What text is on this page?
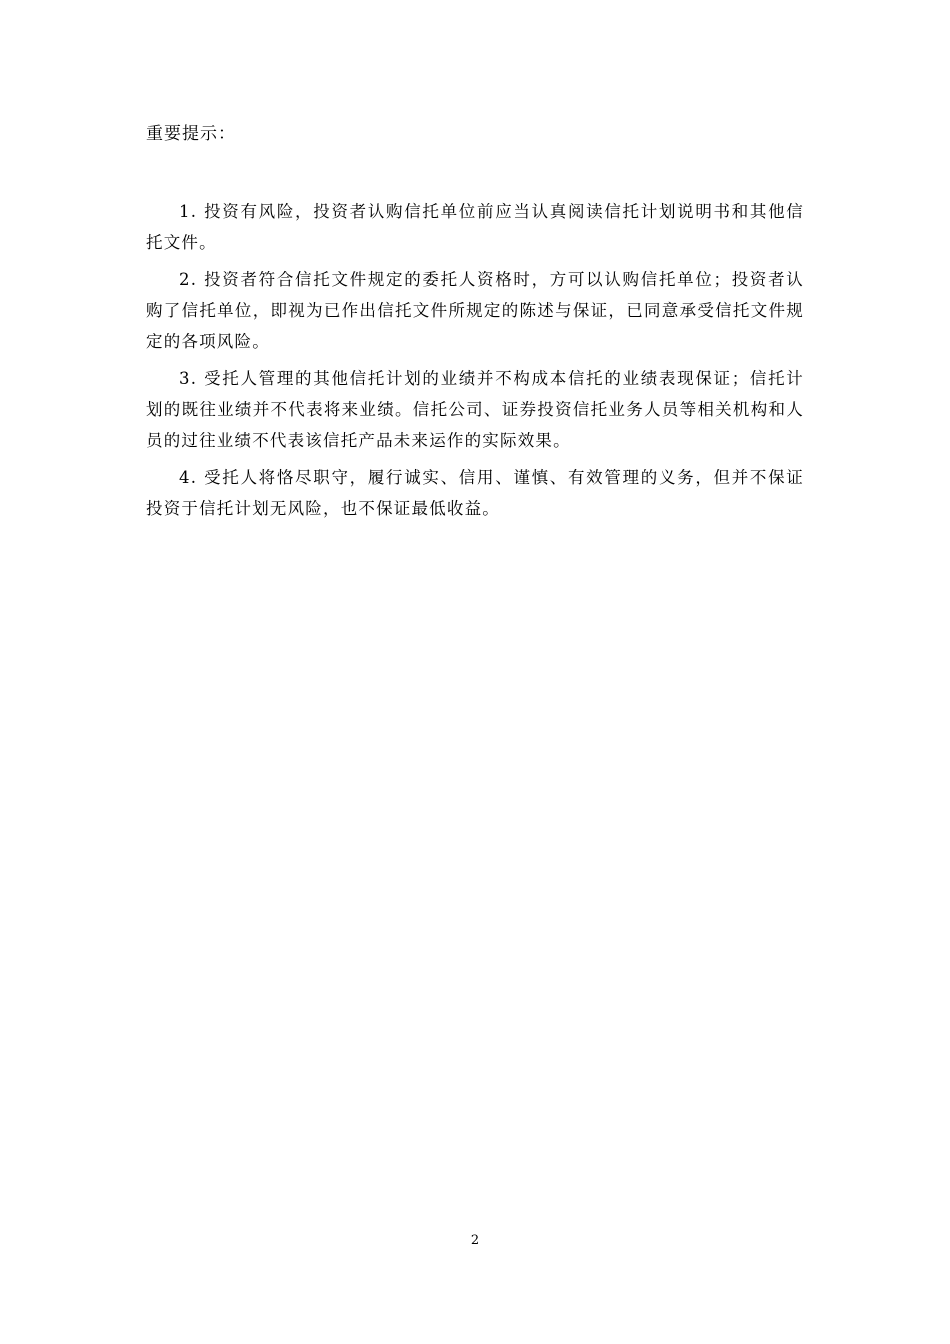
重要提示：

1. 投资有风险，投资者认购信托单位前应当认真阅读信托计划说明书和其他信托文件。

2. 投资者符合信托文件规定的委托人资格时，方可以认购信托单位；投资者认购了信托单位，即视为已作出信托文件所规定的陈述与保证，已同意承受信托文件规定的各项风险。

3. 受托人管理的其他信托计划的业绩并不构成本信托的业绩表现保证；信托计划的既往业绩并不代表将来业绩。信托公司、证券投资信托业务人员等相关机构和人员的过往业绩不代表该信托产品未来运作的实际效果。

4. 受托人将恪尽职守，履行诚实、信用、谨慎、有效管理的义务，但并不保证投资于信托计划无风险，也不保证最低收益。

2
